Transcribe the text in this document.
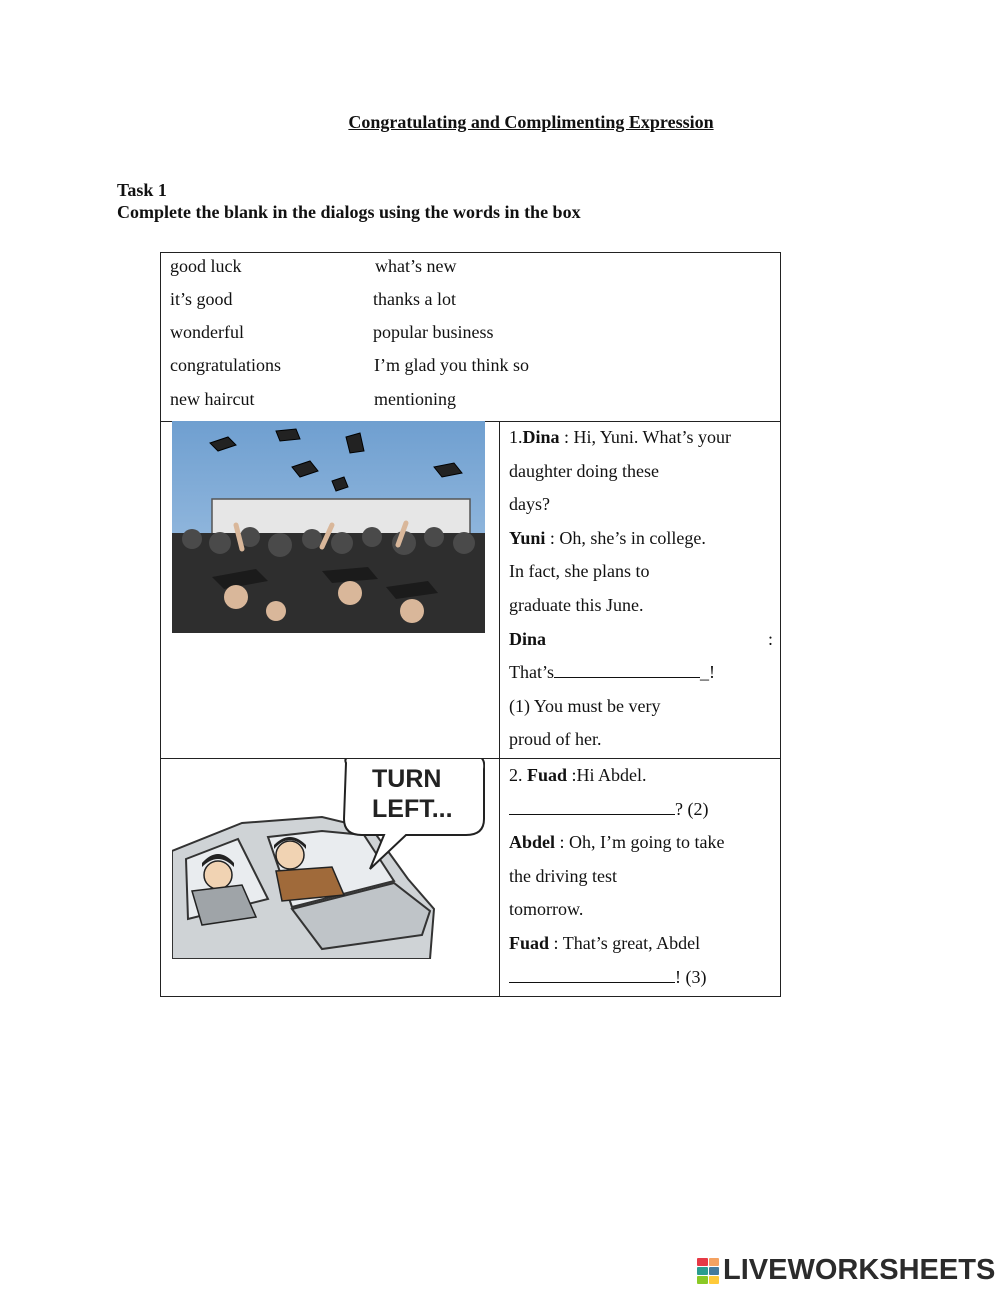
Congratulating and Complimenting Expression
Task 1
Complete the blank in the dialogs using the words in the box
good luck
it’s good
wonderful
congratulations
new haircut
what’s new
thanks a lot
popular business
I’m glad you think so
mentioning

1.Dina : Hi, Yuni. What’s your

daughter doing these

days?

Yuni : Oh, she’s in college.

In fact, she plans to

graduate this June.

Dina	:

That’s	_!

(1) You must be very

proud of her.

TURN
LEFT...

2. Fuad :Hi Abdel.

? (2)

Abdel : Oh, I’m going to take

the driving test

tomorrow.

Fuad : That’s great, Abdel

! (3)

LIVEWORKSHEETS
